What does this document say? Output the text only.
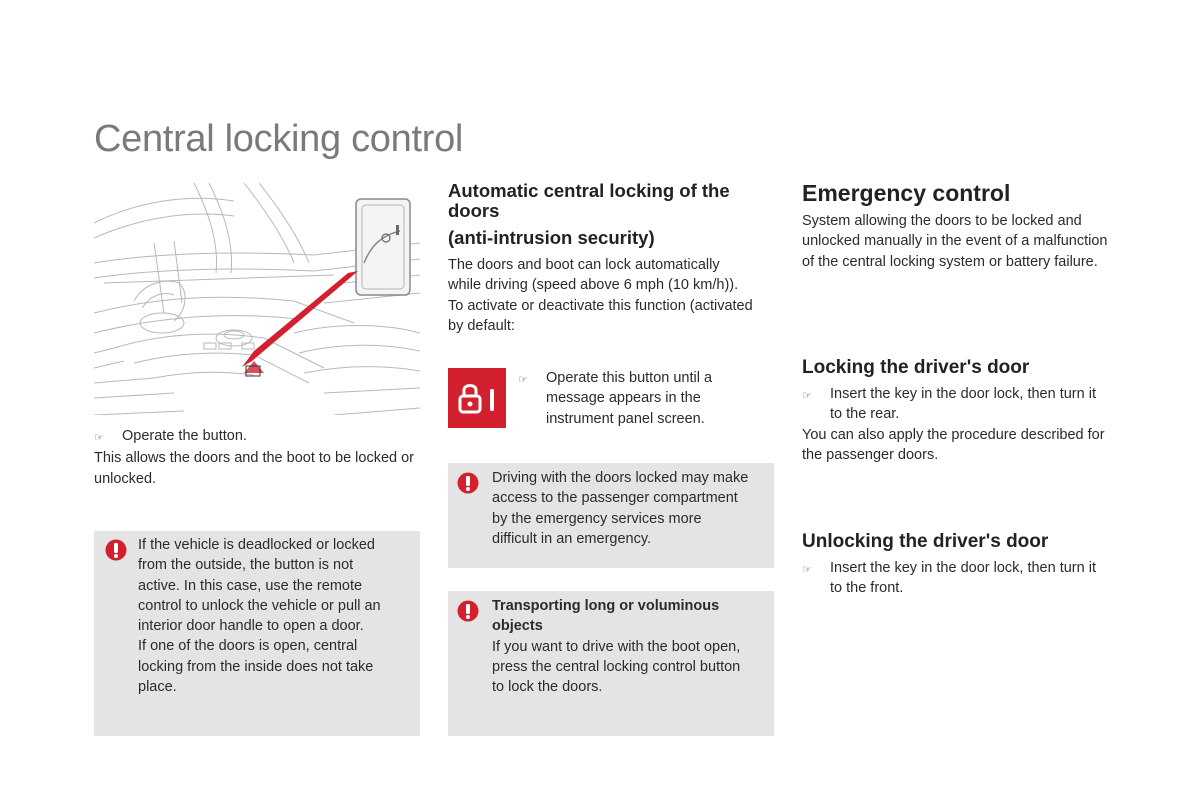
Central locking control
☞	Operate the button.

This allows the doors and the boot to be locked or unlocked.

If the vehicle is deadlocked or locked

from the outside, the button is not

active. In this case, use the remote

control to unlock the vehicle or pull an

interior door handle to open a door.

If one of the doors is open, central

locking from the inside does not take

place.

Automatic central locking of the doors
(anti-intrusion security)

The doors and boot can lock automatically

while driving (speed above 6 mph (10 km/h)).

To activate or deactivate this function (activated

by default:

☞	Operate this button until a

message appears in the

instrument panel screen.

Driving with the doors locked may make

access to the passenger compartment

by the emergency services more

difficult in an emergency.

Transporting long or voluminous

objects

If you want to drive with the boot open,

press the central locking control button

to lock the doors.

Emergency control

System allowing the doors to be locked and

unlocked manually in the event of a malfunction

of the central locking system or battery failure.

Locking the driver's door
☞	Insert the key in the door lock, then turn it

to the rear.

You can also apply the procedure described for

the passenger doors.

Unlocking the driver's door
☞	Insert the key in the door lock, then turn it

to the front.
